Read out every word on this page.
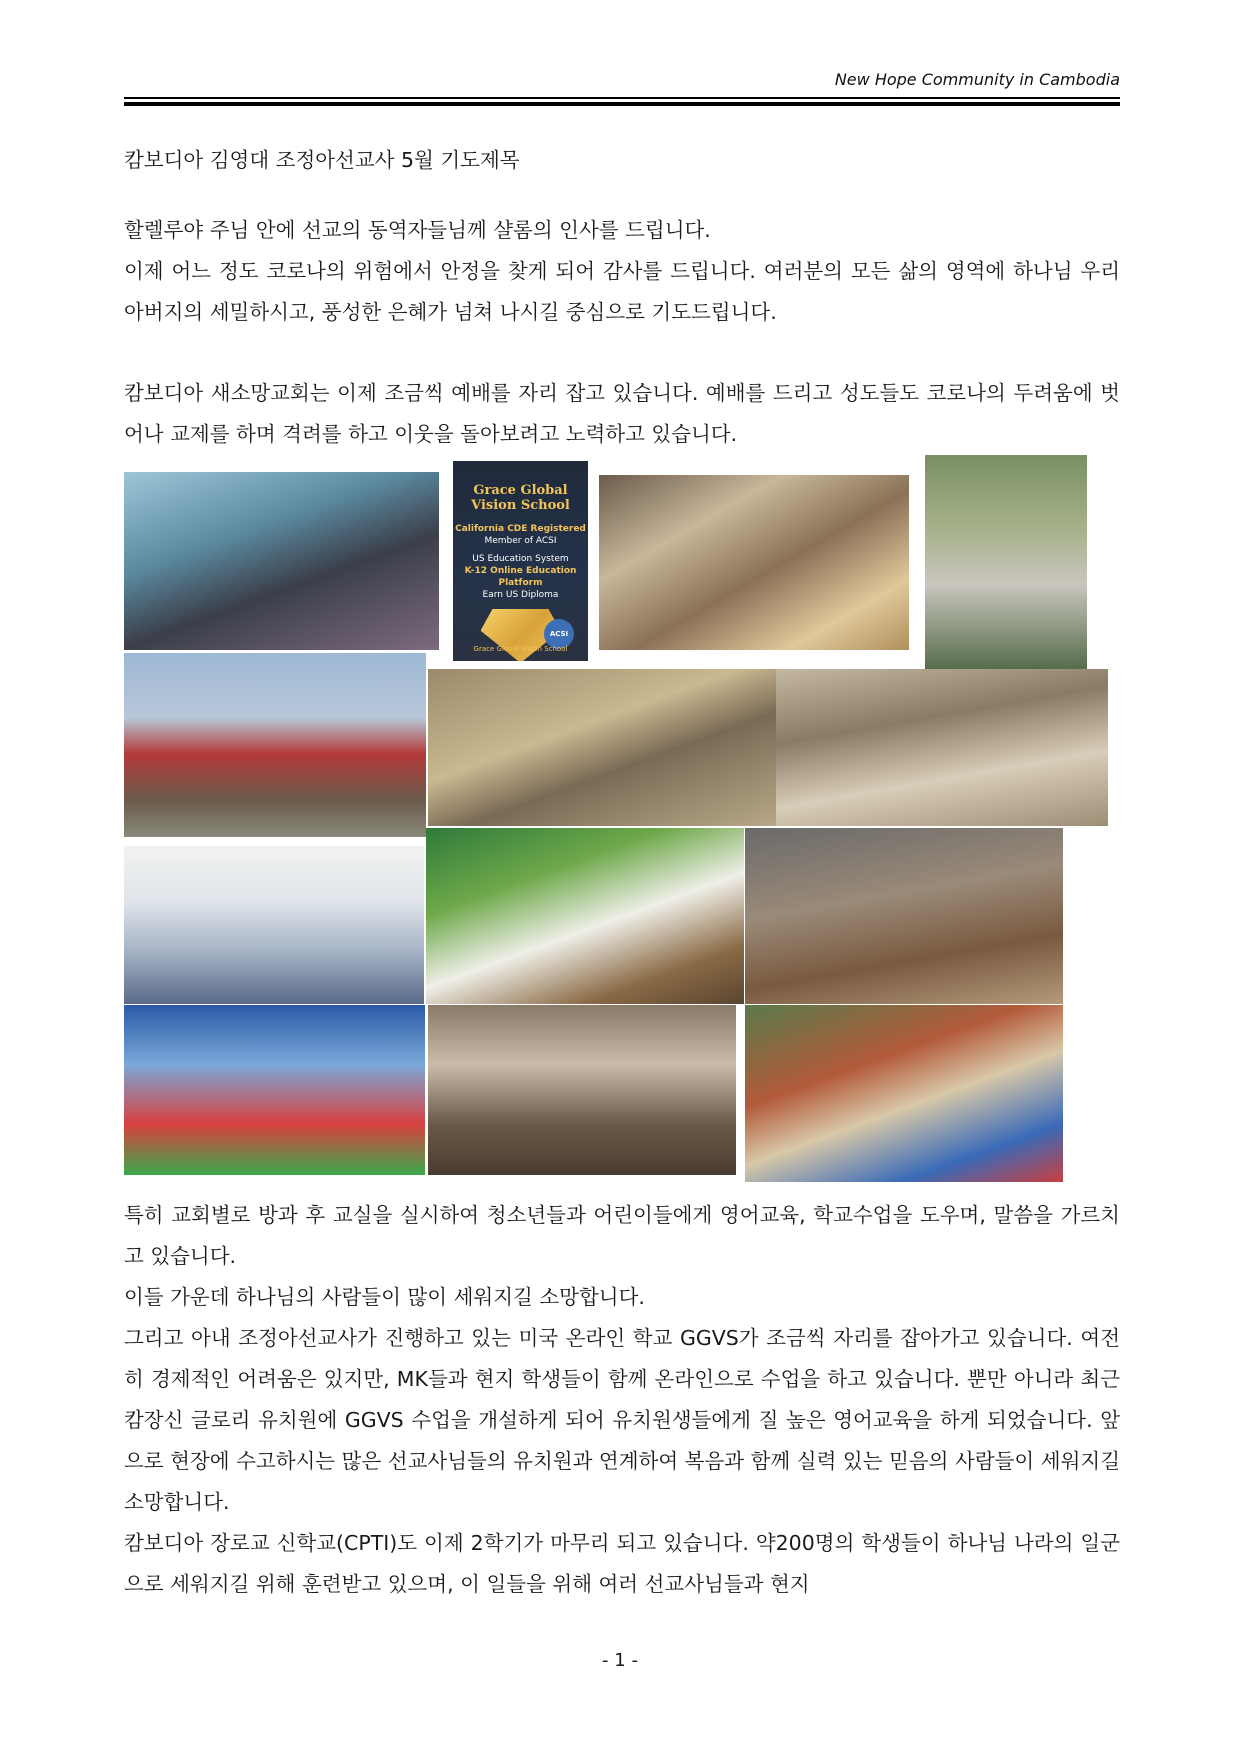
New Hope Community in Cambodia

캄보디아 김영대 조정아선교사 5월 기도제목

할렐루야 주님 안에 선교의 동역자들님께 샬롬의 인사를 드립니다.

이제 어느 정도 코로나의 위험에서 안정을 찾게 되어 감사를 드립니다. 여러분의 모든 삶의 영역에 하나님 우리 아버지의 세밀하시고, 풍성한 은혜가 넘쳐 나시길 중심으로 기도드립니다.

캄보디아 새소망교회는 이제 조금씩 예배를 자리 잡고 있습니다. 예배를 드리고 성도들도 코로나의 두려움에 벗어나 교제를 하며 격려를 하고 이웃을 돌아보려고 노력하고 있습니다.

Grace Global Vision School
California CDE Registered
Member of ACSI
US Education System
K-12 Online Education Platform
Earn US Diploma
ACSI
Grace Global Vision School

특히 교회별로 방과 후 교실을 실시하여 청소년들과 어린이들에게 영어교육, 학교수업을 도우며, 말씀을 가르치고 있습니다.

이들 가운데 하나님의 사람들이 많이 세워지길 소망합니다.

그리고 아내 조정아선교사가 진행하고 있는 미국 온라인 학교 GGVS가 조금씩 자리를 잡아가고 있습니다. 여전히 경제적인 어려움은 있지만, MK들과 현지 학생들이 함께 온라인으로 수업을 하고 있습니다. 뿐만 아니라 최근 캄장신 글로리 유치원에 GGVS 수업을 개설하게 되어 유치원생들에게 질 높은 영어교육을 하게 되었습니다. 앞으로 현장에 수고하시는 많은 선교사님들의 유치원과 연계하여 복음과 함께 실력 있는 믿음의 사람들이 세워지길 소망합니다.

캄보디아 장로교 신학교(CPTI)도 이제 2학기가 마무리 되고 있습니다. 약200명의 학생들이 하나님 나라의 일군으로 세워지길 위해 훈련받고 있으며, 이 일들을 위해 여러 선교사님들과 현지

- 1 -
